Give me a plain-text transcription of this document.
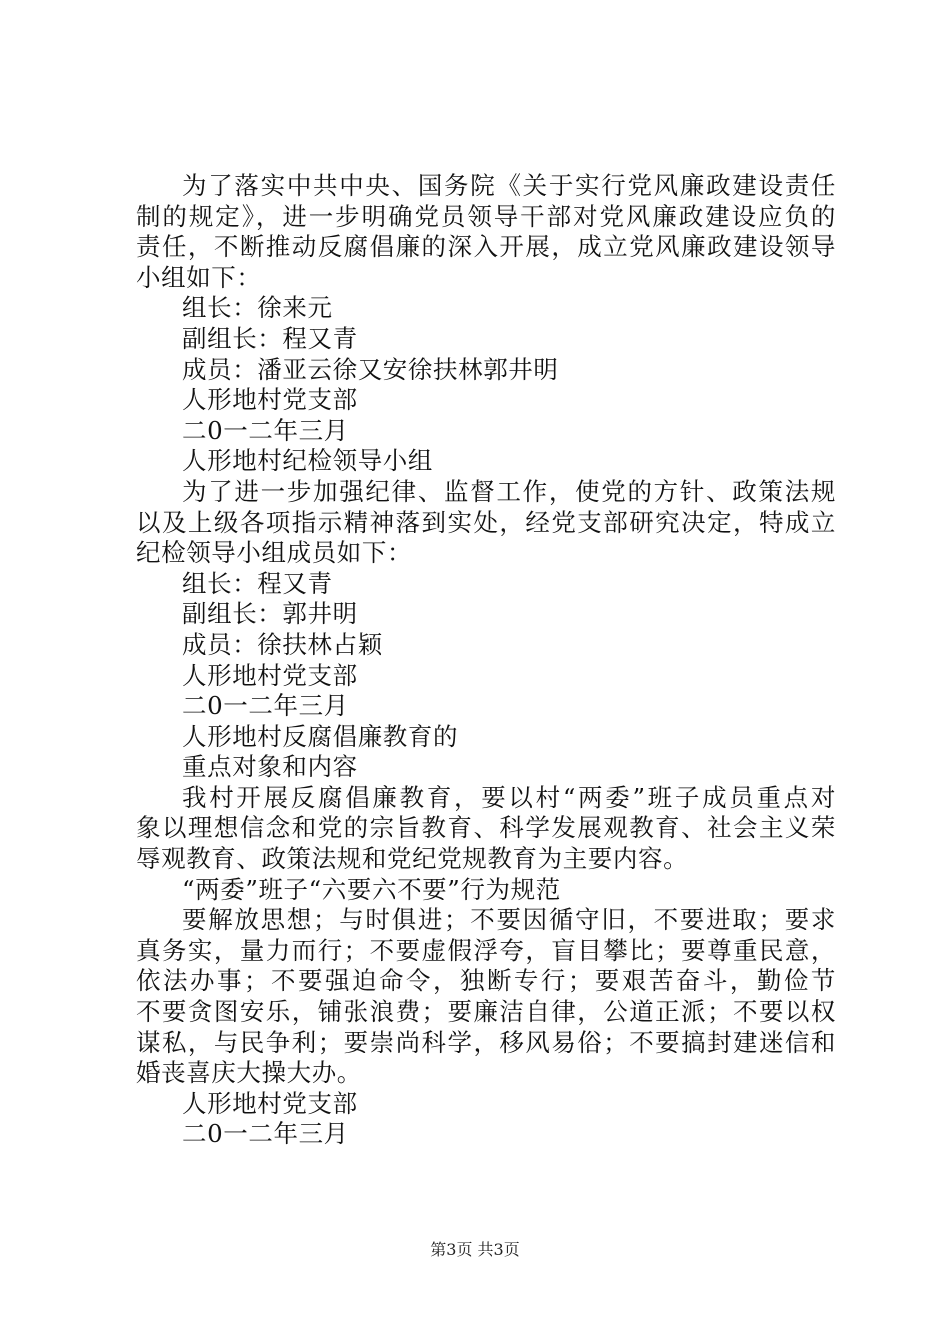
为了落实中共中央、国务院《关于实行党风廉政建设责任
制的规定》，进一步明确党员领导干部对党风廉政建设应负的
责任，不断推动反腐倡廉的深入开展，成立党风廉政建设领导
小组如下：
组长：徐来元
副组长：程又青
成员：潘亚云徐又安徐扶林郭井明
人形地村党支部
二0一二年三月
人形地村纪检领导小组
为了进一步加强纪律、监督工作，使党的方针、政策法规
以及上级各项指示精神落到实处，经党支部研究决定，特成立
纪检领导小组成员如下：
组长：程又青
副组长：郭井明
成员：徐扶林占颖
人形地村党支部
二0一二年三月
人形地村反腐倡廉教育的
重点对象和内容
我村开展反腐倡廉教育，要以村“两委”班子成员重点对
象以理想信念和党的宗旨教育、科学发展观教育、社会主义荣
辱观教育、政策法规和党纪党规教育为主要内容。
“两委”班子“六要六不要”行为规范
要解放思想；与时俱进；不要因循守旧，不要进取；要求
真务实，量力而行；不要虚假浮夸，盲目攀比；要尊重民意，
依法办事；不要强迫命令，独断专行；要艰苦奋斗，勤俭节
不要贪图安乐，铺张浪费；要廉洁自律，公道正派；不要以权
谋私，与民争利；要崇尚科学，移风易俗；不要搞封建迷信和
婚丧喜庆大操大办。
人形地村党支部
二0一二年三月
第3页 共3页
